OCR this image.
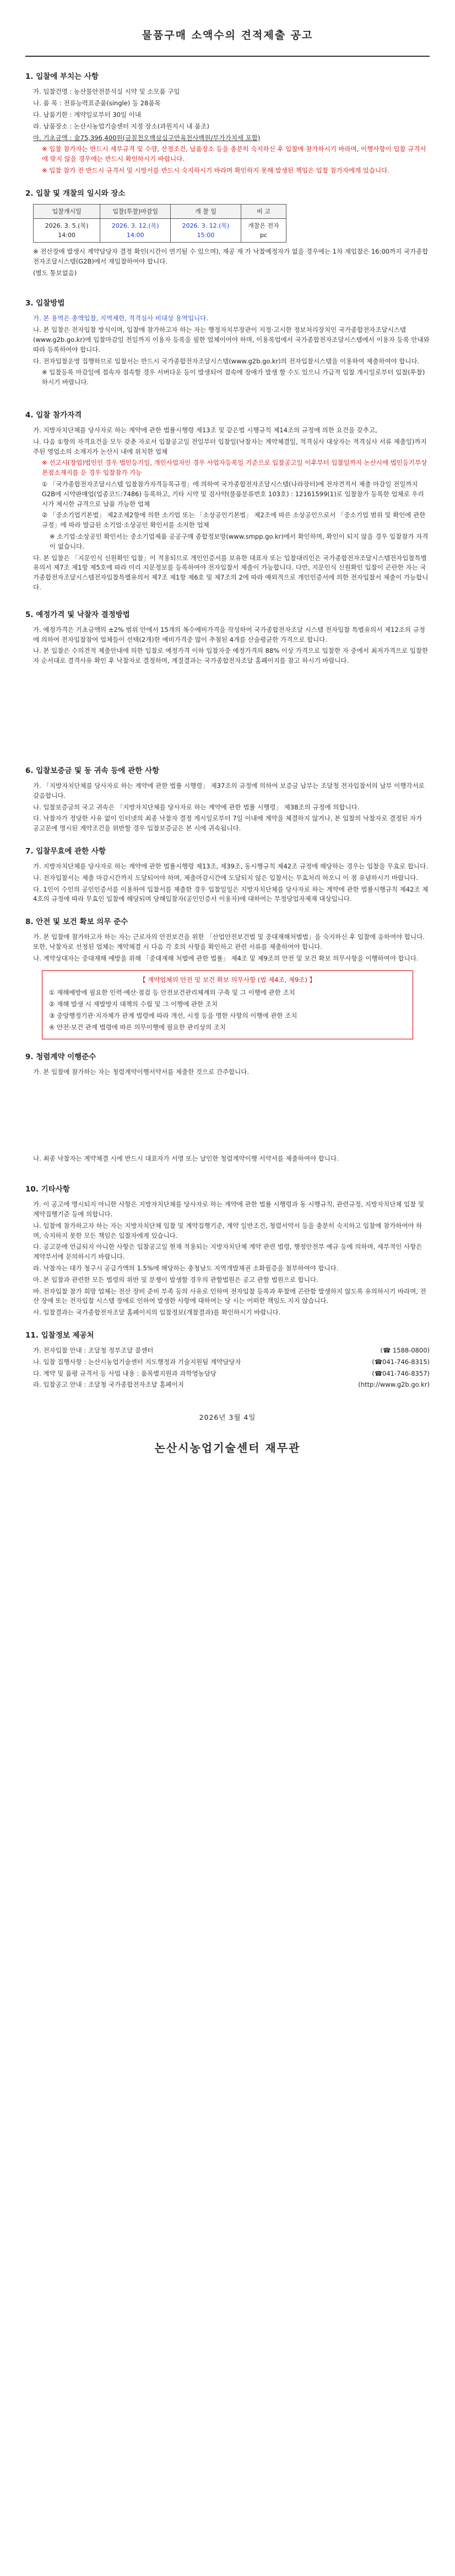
물품구매 소액수의 견적제출 공고
1. 입찰에 부치는 사항
가. 입찰건명 : 농산물안전분석실 시약 및 소모품 구입
나. 품 목 : 전류능력표준품(single) 등 28품목
다. 납품기한 : 계약일로부터 30일 이내
라. 납품장소 : 논산시농업기술센터 지정 장소(과원지시 내 품조)
마. 기초금액 : 金75,396,400원(금칠천오백삼십구만육천사백원/부가가치세 포함)
※ 입찰 참가자는 반드시 세부규격 및 수량, 산정조건, 납품장소 등을 충분히 숙지하신 후 입찰에 참가하시기 바라며, 이행사항이 입찰 규격서에 맞지 않을 경우에는 반드시 확인하시기 바랍니다.
※ 입찰 참가 전 반드시 규격서 및 시방서를 반드시 숙지하시기 바라며 확인하지 못해 발생된 책임은 입찰 참가자에게 있습니다.
2. 입찰 및 개찰의 일시와 장소
입찰개시일	입찰(투찰)마감일	개 찰 일	비 고
2026. 3. 5.(목) 14:00	2026. 3. 12.(목) 14:00	2026. 3. 12.(목) 15:00	개찰은 전자 pc
※ 전산장애 발생시 계약담당자 결정 확인(시간이 연기될 수 있으며), 재공 재 가 낙찰예정자가 없을 경우에는 1차 재입찰은 16:00까지 국가종합전자조달시스템(G2B)에서 재입찰하여야 합니다.
(별도 통보없음)
3. 입찰방법
가. 본 용역은 총액입찰, 지역제한, 적격심사 비대상 용역입니다.
나. 본 입찰은 전자입찰 방식이며, 입찰에 참가하고자 하는 자는 행정자치부장관이 지정·고시한 정보처리장치인 국가종합전자조달시스템(www.g2b.go.kr)에 입찰마감일 전일까지 이용자 등록을 필한 업체이어야 하며, 이용록업에서 국가종합전자조달시스템에서 이용자 등록 안내와 따라 등록하여야 합니다.
다. 전자입찰운영 집행하므로 입찰서는 반드시 국가종합전자조달시스템(www.g2b.go.kr)의 전자입찰시스템을 이용하여 제출하여야 합니다.
※ 입찰등록 마감일에 접속자 접속할 경우 서버다운 등이 발생되어 접속에 장애가 발생 할 수도 있으니 가급적 입찰 개시일로부터 입찰(투찰)하시기 바랍니다.
4. 입찰 참가자격
가. 지방자치단체를 당사자로 하는 계약에 관한 법률시행령 제13조 및 같은법 시행규칙 제14조의 규정에 의한 요건을 갖추고,
나. 다음 ①항의 자격요건을 모두 갖춘 자로서 입찰공고일 전일부터 입찰일(낙찰자는 계약체결일, 적격심사 대상자는 적격심사 서류 제출일)까지 주된 영업소의 소재지가 논산시 내에 위치한 업체
※ 선고시(창업)법인인 경우 법인등기일, 개인사업자인 경우 사업자등록일 기준으로 입찰공고일 이후부터 입찰일까지 논산시에 법인등기부상 본점소재지를 둔 경우 입찰참가 가능
① 「국가종합전자조달시스템 입찰참가자격등록규정」에 의하여 국가종합전자조달시스템(나라장터)에 전자견적서 제출 마감일 전일까지 G2B에 시약판매업(업종코드:7486) 등록하고, 기타 시약 및 검사약(물품분류번호 103호) : 12161599(1)로 입찰참가 등록한 업체로 우리시가 제시한 규격으로 납품 가능한 업체
② 「중소기업기본법」 제2조제2항에 의한 소기업 또는 「소상공인기본법」 제2조에 따른 소상공인으로서 「중소기업 범위 및 확인에 관한 규정」에 따라 발급된 소기업·소상공인 확인서를 소지한 업체
※ 소기업·소상공인 확인서는 중소기업제품 공공구매 종합정보망(www.smpp.go.kr)에서 확인하며, 확인이 되지 않을 경우 입찰참가 자격이 없습니다.
다. 본 입찰은 「지문인식 신원확인 입찰」이 적용되므로 개인인증서를 보유한 대표자 또는 입찰대리인은 국가종합전자조달시스템전자입찰특별유의서 제7조 제1항 제5호에 따라 미리 지문정보를 등록하여야 전자입찰서 제출이 가능합니다. 다만, 지문인식 신원확인 입찰이 곤란한 자는 국가종합전자조달시스템전자입찰특별유의서 제7조 제1항 제6호 및 제7조의 2에 따라 예외적으로 개인인증서에 의한 전자입찰서 제출이 가능합니다.
5. 예정가격 및 낙찰자 결정방법
가. 예정가격은 기초금액의 ±2% 범위 안에서 15개의 복수예비가격을 작성하여 국가종합전자조달 시스템 전자입찰 특별유의서 제12조의 규정에 의하여 전자입찰참여 업체들이 선택(2개)한 예비가격중 많이 추첨된 4개를 산술평균한 가격으로 합니다.
나. 본 입찰은 수의견적 제출안내에 의한 입찰로 예정가격 이하 입찰자중 예정가격의 88% 이상 가격으로 입찰한 자 중에서 최저가격으로 입찰한 자 순서대로 결격사유 확인 후 낙찰자로 결정하며, 계절결과는 국가종합전자조달 홈페이지를 참고 하시기 바랍니다.
6. 입찰보증금 및 동 귀속 등에 관한 사항
가. 「지방자치단체를 당사자로 하는 계약에 관한 법률 시행령」 제37조의 규정에 의하여 보증금 납부는 조달청 전자입찰서의 납부 이행각서로 갈음합니다.
나. 입찰보증금의 국고 귀속은 「지방자치단체를 당사자로 하는 계약에 관한 법률 시행령」 제38조의 규정에 의합니다.
다. 낙찰자가 정당한 사유 없이 인터넷의 최종 낙찰자 결정 게시일로부터 7일 이내에 계약을 체결하지 않거나, 본 입찰의 낙찰자로 결정된 자가 공고문에 명시된 계약조건을 위반할 경우 입찰보증금은 본 시에 귀속됩니다.
7. 입찰무효에 관한 사항
가. 지방자치단체를 당사자로 하는 계약에 관한 법률시행령 제13조, 제39조, 동시행규칙 제42조 규정에 해당하는 경우는 입찰을 무효로 합니다.
나. 전자입찰서는 제출 마감시간까지 도달되어야 하며, 제출마감시간에 도달되지 않은 입찰서는 무효처리 하오니 이 점 유념하시기 바랍니다.
다. 1인이 수인의 공인인증서를 이용하여 입찰서를 제출한 경우 입찰일일은 지방자치단체를 당사자로 하는 계약에 관한 법률시행규칙 제42조 제4호의 규정에 따라 무효인 입찰에 해당되며 당해입찰자(공인인증서 이용자)에 대하여는 부정당업자제재 대상입니다.
8. 안전 및 보건 확보 의무 준수
가. 본 입찰에 참가하고자 하는 자는 근로자의 안전보건을 위한 「산업안전보건법 및 중대재해처벌법」을 숙지하신 후 입찰에 응하여야 합니다. 또한, 낙찰자로 선정된 업체는 계약체결 시 다음 각 호의 사항을 확인하고 관련 서류를 제출하여야 합니다.
나. 계약상대자는 중대재해 예방을 위해 「중대재해 처벌에 관한 법률」 제4조 및 제9조의 안전 및 보건 확보 의무사항을 이행하여야 합니다.
【 계약업체의 안전 및 보건 확보 의무사항 (법 제4조, 제9조) 】
① 재해예방에 필요한 인력·예산·점검 등 안전보건관리체계의 구축 및 그 이행에 관한 조치
② 재해 발생 시 재발방지 대책의 수립 및 그 이행에 관한 조치
③ 중앙행정기관·지자체가 관계 법령에 따라 개선, 시정 등을 명한 사항의 이행에 관한 조치
④ 안전·보건 관계 법령에 따른 의무이행에 필요한 관리상의 조치
9. 청렴계약 이행준수
가. 본 입찰에 참가하는 자는 청렴계약이행서약서를 제출한 것으로 간주합니다.
나. 최종 낙찰자는 계약체결 시에 반드시 대표자가 서명 또는 날인한 청렴계약이행 서약서를 제출하여야 합니다.
10. 기타사항
가. 이 공고에 명시되지 아니한 사항은 지방자치단체를 당사자로 하는 계약에 관한 법률 시행령과 동 시행규칙, 관련규정, 지방자치단체 입찰 및 계약집행기준 등에 의합니다.
나. 입찰에 참가하고자 하는 자는 지방자치단체 입찰 및 계약집행기준, 계약 일반조건, 청렴서약서 등을 충분히 숙지하고 입찰에 참가하여야 하며, 숙지하지 못한 모든 책임은 입찰자에게 있습니다.
다. 공고문에 언급되지 아니한 사항은 입찰공고일 현재 적용되는 지방자치단체 계약 관련 법령, 행정안전부 예규 등에 의하며, 세부적인 사항은 계약부서에 문의하시기 바랍니다.
라. 낙찰자는 대가 청구시 공급가액의 1.5%에 해당하는 충청남도 지역개발채권 소화필증을 첨부하여야 합니다.
마. 본 입찰과 관련한 모든 법령의 위반 및 분쟁이 발생할 경우의 관할법원은 공고 관할 법원으로 합니다.
바. 전자입찰 참가 희망 업체는 전산 장비 준비 부족 등의 사유로 인하여 전자입찰 등록과 투찰에 곤란함 발생하지 않도록 유의하시기 바라며, 전산 장애 또는 전자입찰 시스템 장애로 인하여 발생한 사항에 대하여는 당 시는 어떠한 책임도 지지 않습니다.
사. 입찰결과는 국가종합전자조달 홈페이지의 입찰정보(개찰결과)를 확인하시기 바랍니다.
11. 입찰정보 제공처
가. 전자입찰 안내 : 조달청 정부조달 콜센터	(☎ 1588-0800)
나. 입찰 집행사항 : 논산시농업기술센터 지도행정과 기술지원팀 계약담당자	(☎041-746-8315)
다. 계약 및 품평 규격서 등 사업 내용 : 품목별지원과 과학영농담당	(☎041-746-8357)
라. 입찰공고 안내 : 조달청 국가종합전자조달 홈페이지	(http://www.g2b.go.kr)
2026년 3월 4일
논산시농업기술센터 재무관
